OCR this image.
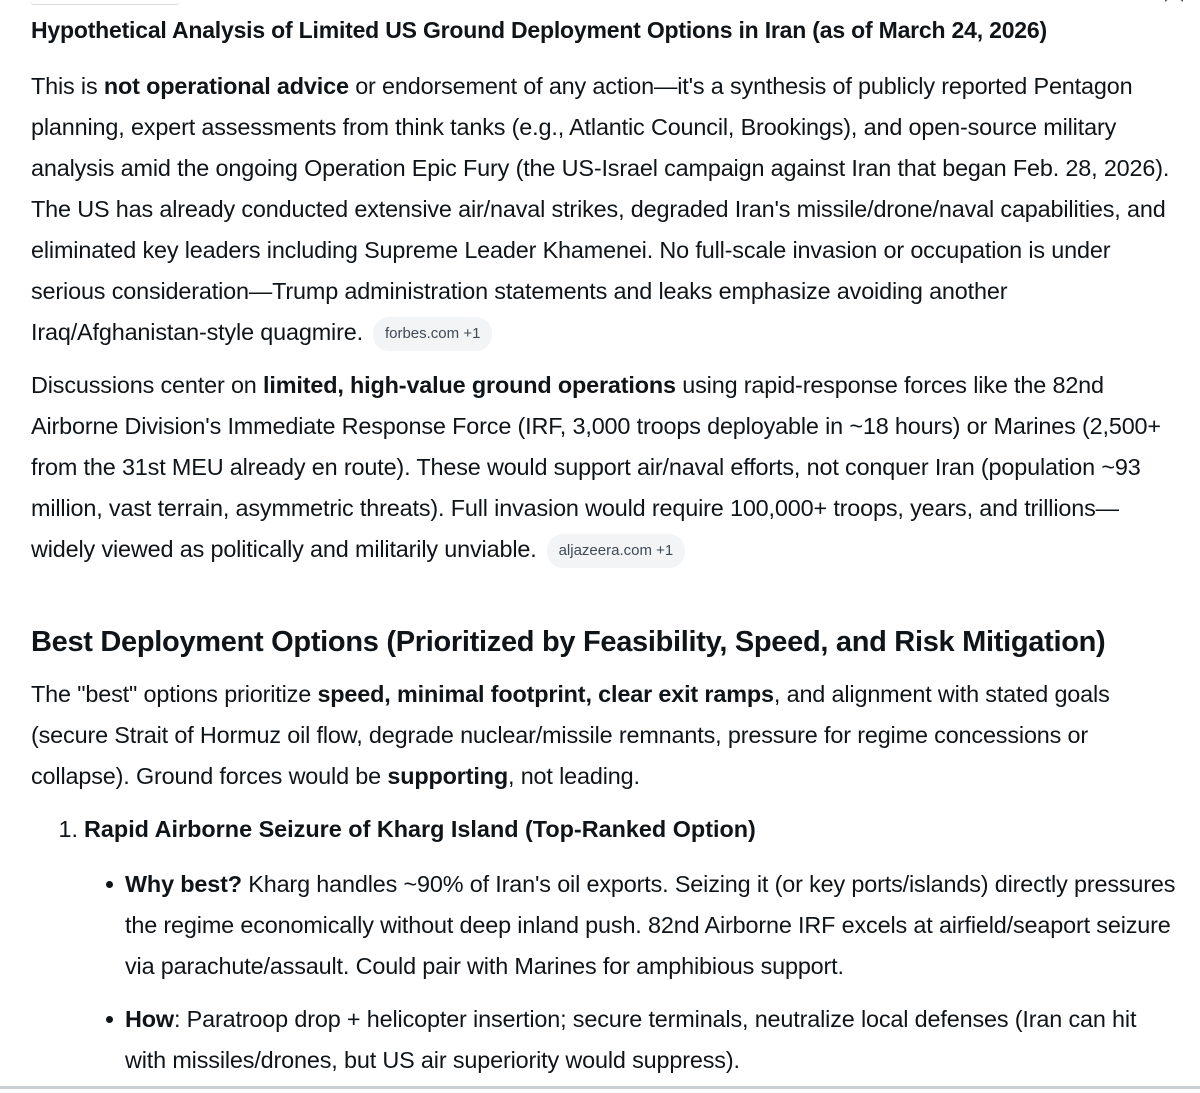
Hypothetical Analysis of Limited US Ground Deployment Options in Iran (as of March 24, 2026)

This is not operational advice or endorsement of any action—it's a synthesis of publicly reported Pentagon planning, expert assessments from think tanks (e.g., Atlantic Council, Brookings), and open-source military analysis amid the ongoing Operation Epic Fury (the US-Israel campaign against Iran that began Feb. 28, 2026). The US has already conducted extensive air/naval strikes, degraded Iran's missile/drone/naval capabilities, and eliminated key leaders including Supreme Leader Khamenei. No full-scale invasion or occupation is under serious consideration—Trump administration statements and leaks emphasize avoiding another Iraq/Afghanistan-style quagmire. forbes.com +1

Discussions center on limited, high-value ground operations using rapid-response forces like the 82nd Airborne Division's Immediate Response Force (IRF, 3,000 troops deployable in ~18 hours) or Marines (2,500+ from the 31st MEU already en route). These would support air/naval efforts, not conquer Iran (population ~93 million, vast terrain, asymmetric threats). Full invasion would require 100,000+ troops, years, and trillions—widely viewed as politically and militarily unviable. aljazeera.com +1

Best Deployment Options (Prioritized by Feasibility, Speed, and Risk Mitigation)

The "best" options prioritize speed, minimal footprint, clear exit ramps, and alignment with stated goals (secure Strait of Hormuz oil flow, degrade nuclear/missile remnants, pressure for regime concessions or collapse). Ground forces would be supporting, not leading.

1. Rapid Airborne Seizure of Kharg Island (Top-Ranked Option)
Why best? Kharg handles ~90% of Iran's oil exports. Seizing it (or key ports/islands) directly pressures the regime economically without deep inland push. 82nd Airborne IRF excels at airfield/seaport seizure via parachute/assault. Could pair with Marines for amphibious support.
How: Paratroop drop + helicopter insertion; secure terminals, neutralize local defenses (Iran can hit with missiles/drones, but US air superiority would suppress).
